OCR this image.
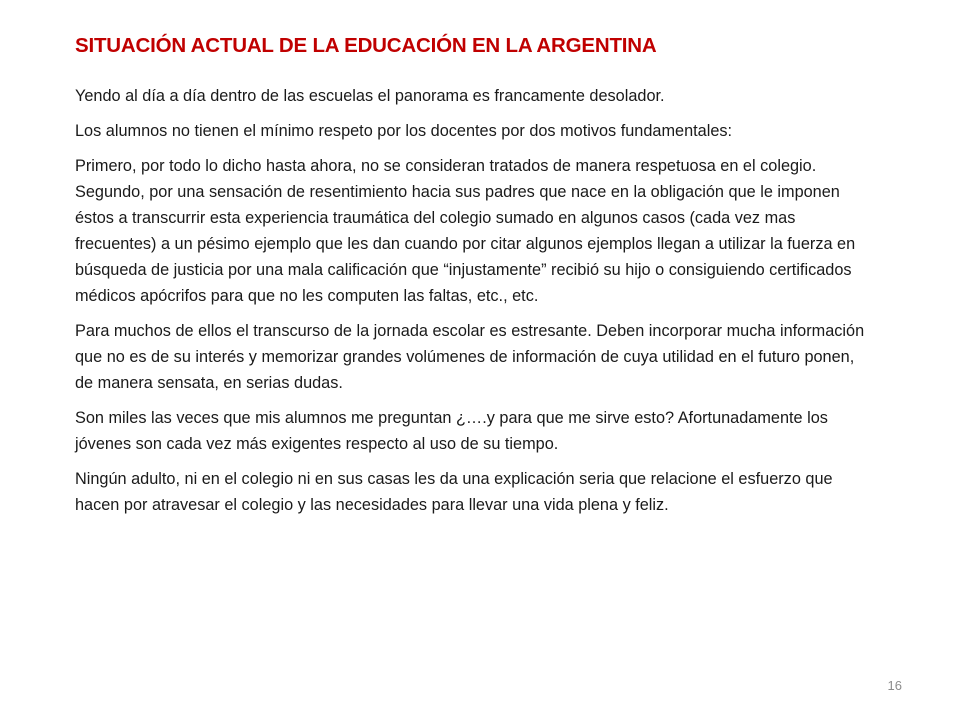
SITUACIÓN ACTUAL DE LA EDUCACIÓN EN LA ARGENTINA

Yendo al día a día dentro de las escuelas el panorama es francamente desolador.

Los alumnos no tienen el mínimo respeto por los docentes por dos motivos fundamentales:

Primero, por todo lo dicho hasta ahora, no se consideran tratados de manera respetuosa en el colegio.

Segundo, por una sensación de resentimiento hacia sus padres que nace en la obligación que le imponen éstos a transcurrir esta experiencia traumática del colegio sumado en algunos casos (cada vez mas frecuentes) a un pésimo ejemplo que les dan cuando por citar algunos ejemplos llegan a utilizar la fuerza en búsqueda de justicia por una mala calificación que “injustamente” recibió su hijo o consiguiendo certificados médicos apócrifos para que no les computen las faltas, etc., etc.

Para muchos de ellos el transcurso de la jornada escolar es estresante. Deben incorporar mucha información que no es de su interés y memorizar grandes volúmenes de información de cuya utilidad en el futuro ponen, de manera sensata, en serias dudas.

Son miles las veces que mis alumnos me preguntan ¿….y para que me sirve esto? Afortunadamente los jóvenes son cada vez más exigentes respecto al uso de su tiempo.

Ningún adulto, ni en el colegio ni en sus casas les da una explicación seria que relacione el esfuerzo que hacen por atravesar el colegio y las necesidades para llevar una vida plena y feliz.

16
